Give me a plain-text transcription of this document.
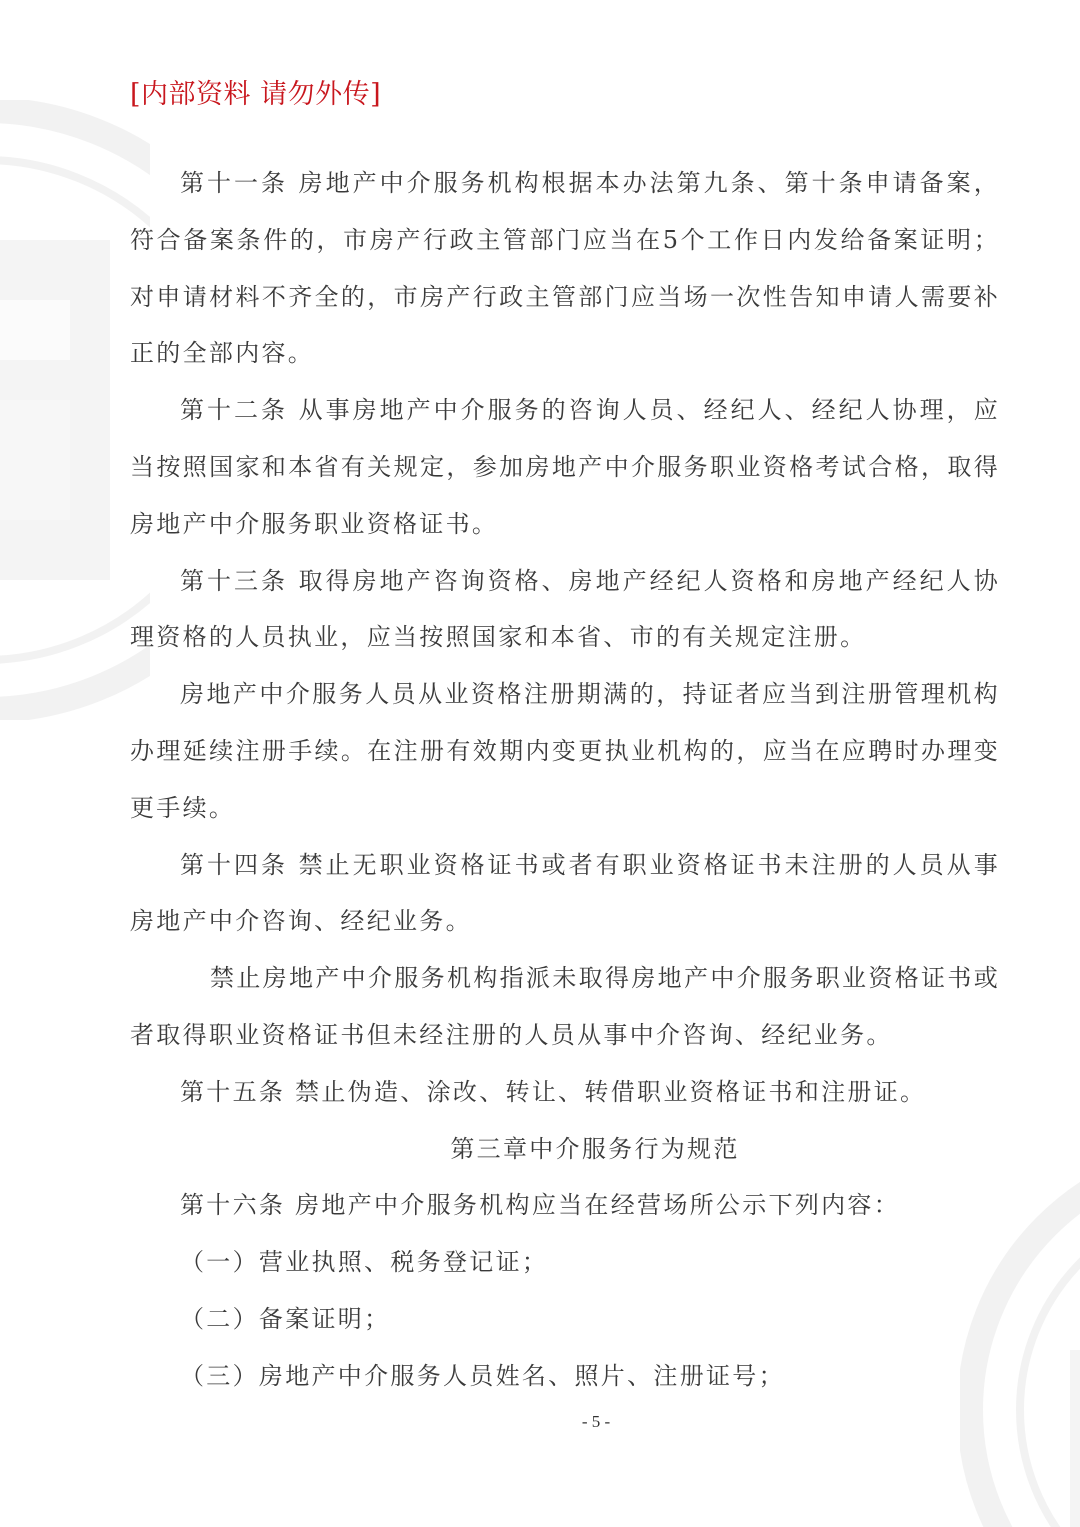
[内部资料 请勿外传]

第十一条 房地产中介服务机构根据本办法第九条、第十条申请备案，符合备案条件的，市房产行政主管部门应当在5个工作日内发给备案证明；对申请材料不齐全的，市房产行政主管部门应当场一次性告知申请人需要补正的全部内容。

第十二条 从事房地产中介服务的咨询人员、经纪人、经纪人协理，应当按照国家和本省有关规定，参加房地产中介服务职业资格考试合格，取得房地产中介服务职业资格证书。

第十三条 取得房地产咨询资格、房地产经纪人资格和房地产经纪人协理资格的人员执业，应当按照国家和本省、市的有关规定注册。

房地产中介服务人员从业资格注册期满的，持证者应当到注册管理机构办理延续注册手续。在注册有效期内变更执业机构的，应当在应聘时办理变更手续。

第十四条 禁止无职业资格证书或者有职业资格证书未注册的人员从事房地产中介咨询、经纪业务。

禁止房地产中介服务机构指派未取得房地产中介服务职业资格证书或者取得职业资格证书但未经注册的人员从事中介咨询、经纪业务。

第十五条 禁止伪造、涂改、转让、转借职业资格证书和注册证。

第三章中介服务行为规范

第十六条 房地产中介服务机构应当在经营场所公示下列内容：

（一）营业执照、税务登记证；

（二）备案证明；

（三）房地产中介服务人员姓名、照片、注册证号；

- 5 -
